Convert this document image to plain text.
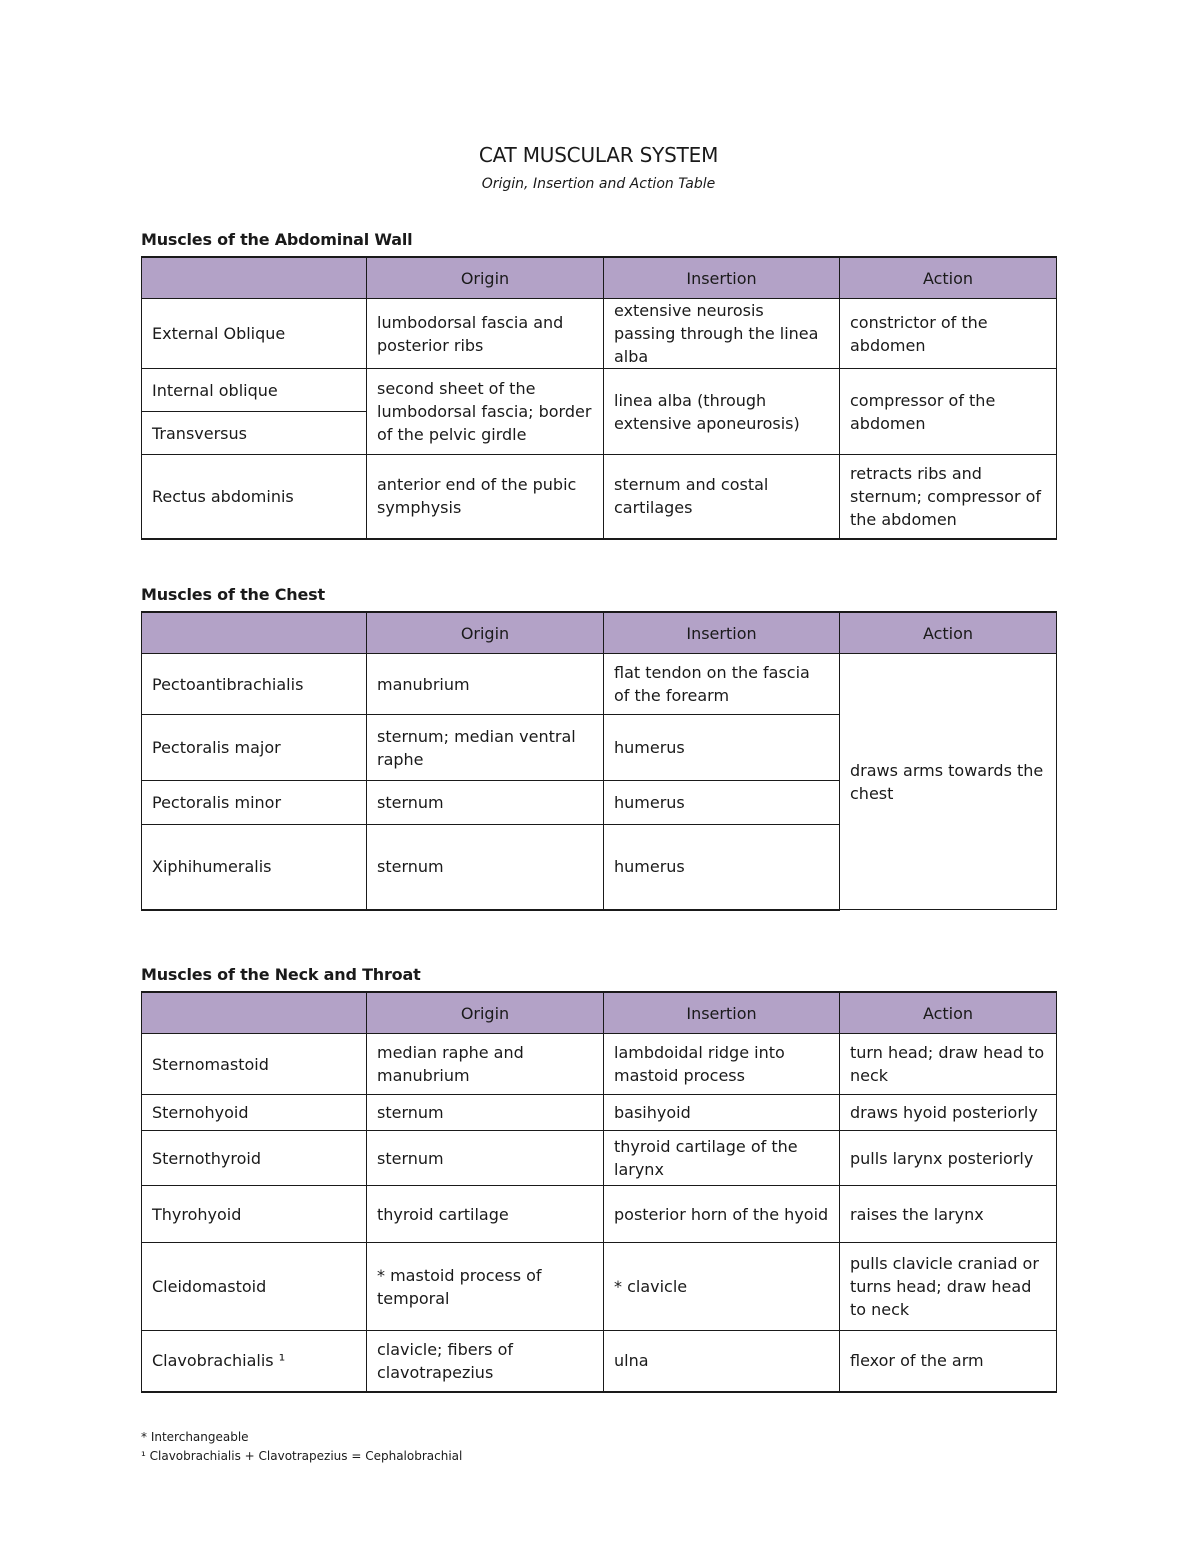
CAT MUSCULAR SYSTEM
Origin, Insertion and Action Table
Muscles of the Abdominal Wall
	Origin	Insertion	Action
External Oblique	lumbodorsal fascia and posterior ribs	extensive neurosis passing through the linea alba	constrictor of the abdomen
Internal oblique	second sheet of the lumbodorsal fascia; border of the pelvic girdle	linea alba (through extensive aponeurosis)	compressor of the abdomen
Transversus			
Rectus abdominis	anterior end of the pubic symphysis	sternum and costal cartilages	retracts ribs and sternum; compressor of the abdomen
Muscles of the Chest
	Origin	Insertion	Action
Pectoantibrachialis	manubrium	flat tendon on the fascia of the forearm	draws arms towards the chest
Pectoralis major	sternum; median ventral raphe	humerus	
Pectoralis minor	sternum	humerus	
Xiphihumeralis	sternum	humerus	
Muscles of the Neck and Throat
	Origin	Insertion	Action
Sternomastoid	median raphe and manubrium	lambdoidal ridge into mastoid process	turn head; draw head to neck
Sternohyoid	sternum	basihyoid	draws hyoid posteriorly
Sternothyroid	sternum	thyroid cartilage of the larynx	pulls larynx posteriorly
Thyrohyoid	thyroid cartilage	posterior horn of the hyoid	raises the larynx
Cleidomastoid	* mastoid process of temporal	* clavicle	pulls clavicle craniad or turns head; draw head to neck
Clavobrachialis ¹	clavicle; fibers of clavotrapezius	ulna	flexor of the arm
* Interchangeable
¹ Clavobrachialis + Clavotrapezius = Cephalobrachial
